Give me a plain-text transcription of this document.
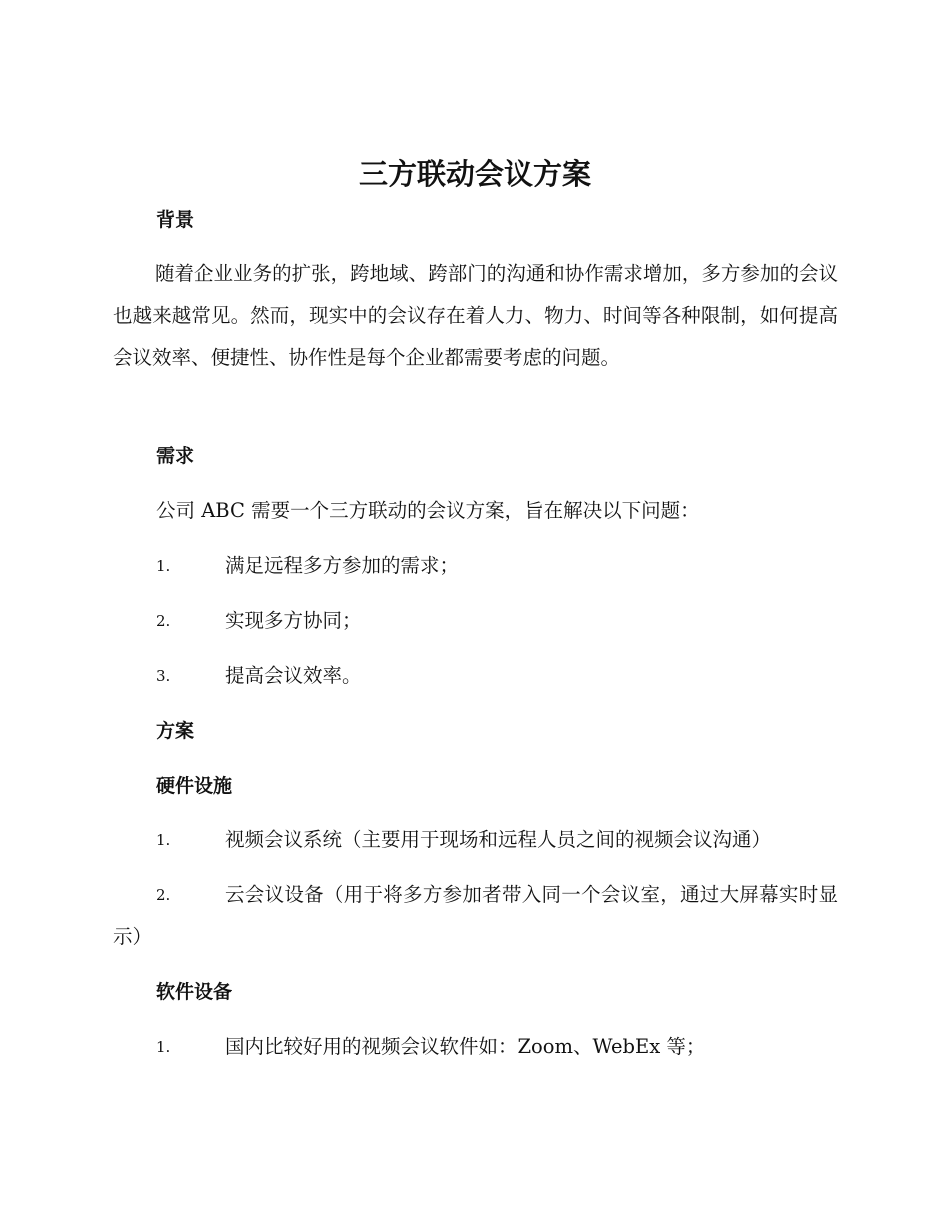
三方联动会议方案
背景

随着企业业务的扩张，跨地域、跨部门的沟通和协作需求增加，多方参加的会议也越来越常见。然而，现实中的会议存在着人力、物力、时间等各种限制，如何提高会议效率、便捷性、协作性是每个企业都需要考虑的问题。

需求

公司 ABC 需要一个三方联动的会议方案，旨在解决以下问题：

1.	满足远程多方参加的需求；
2.	实现多方协同；
3.	提高会议效率。
方案
硬件设施
1.	视频会议系统（主要用于现场和远程人员之间的视频会议沟通）
2.	云会议设备（用于将多方参加者带入同一个会议室，通过大屏幕实时显示）
软件设备
1.	国内比较好用的视频会议软件如：Zoom、WebEx 等；
